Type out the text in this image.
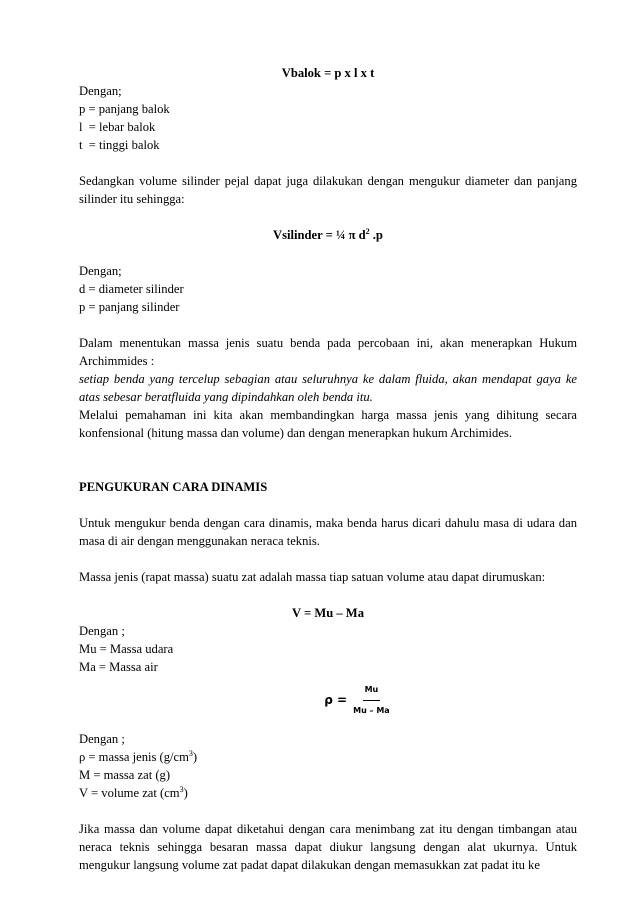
Vbalok = p x l x t

Dengan;

p = panjang balok

l  = lebar balok

t  = tinggi balok

Sedangkan volume silinder pejal dapat juga dilakukan dengan mengukur diameter dan panjang silinder itu sehingga:

Vsilinder = ¼ π $d^2$ .p

Dengan;

d = diameter silinder

p = panjang silinder

Dalam menentukan massa jenis suatu benda pada percobaan ini, akan menerapkan Hukum Archimmides :

setiap benda yang tercelup sebagian atau seluruhnya ke dalam fluida, akan mendapat gaya ke atas sebesar beratfluida yang dipindahkan oleh benda itu.

Melalui pemahaman ini kita akan membandingkan harga massa jenis yang dihitung secara konfensional (hitung massa dan volume) dan dengan menerapkan hukum Archimides.

PENGUKURAN CARA DINAMIS

Untuk mengukur benda dengan cara dinamis, maka benda harus dicari dahulu masa di udara dan masa di air dengan menggunakan neraca teknis.

Massa jenis (rapat massa) suatu zat adalah massa tiap satuan volume atau dapat dirumuskan:

V = Mu – Ma

Dengan ;

Mu = Massa udara

Ma = Massa air

$\rho = \frac{Mu}{Mu - Ma}$

Dengan ;

ρ = massa jenis $(g/cm^3)$

M = massa zat (g)

V = volume zat $(cm^3)$

Jika massa dan volume dapat diketahui dengan cara menimbang zat itu dengan timbangan atau neraca teknis sehingga besaran massa dapat diukur langsung dengan alat ukurnya. Untuk mengukur langsung volume zat padat dapat dilakukan dengan memasukkan zat padat itu ke
